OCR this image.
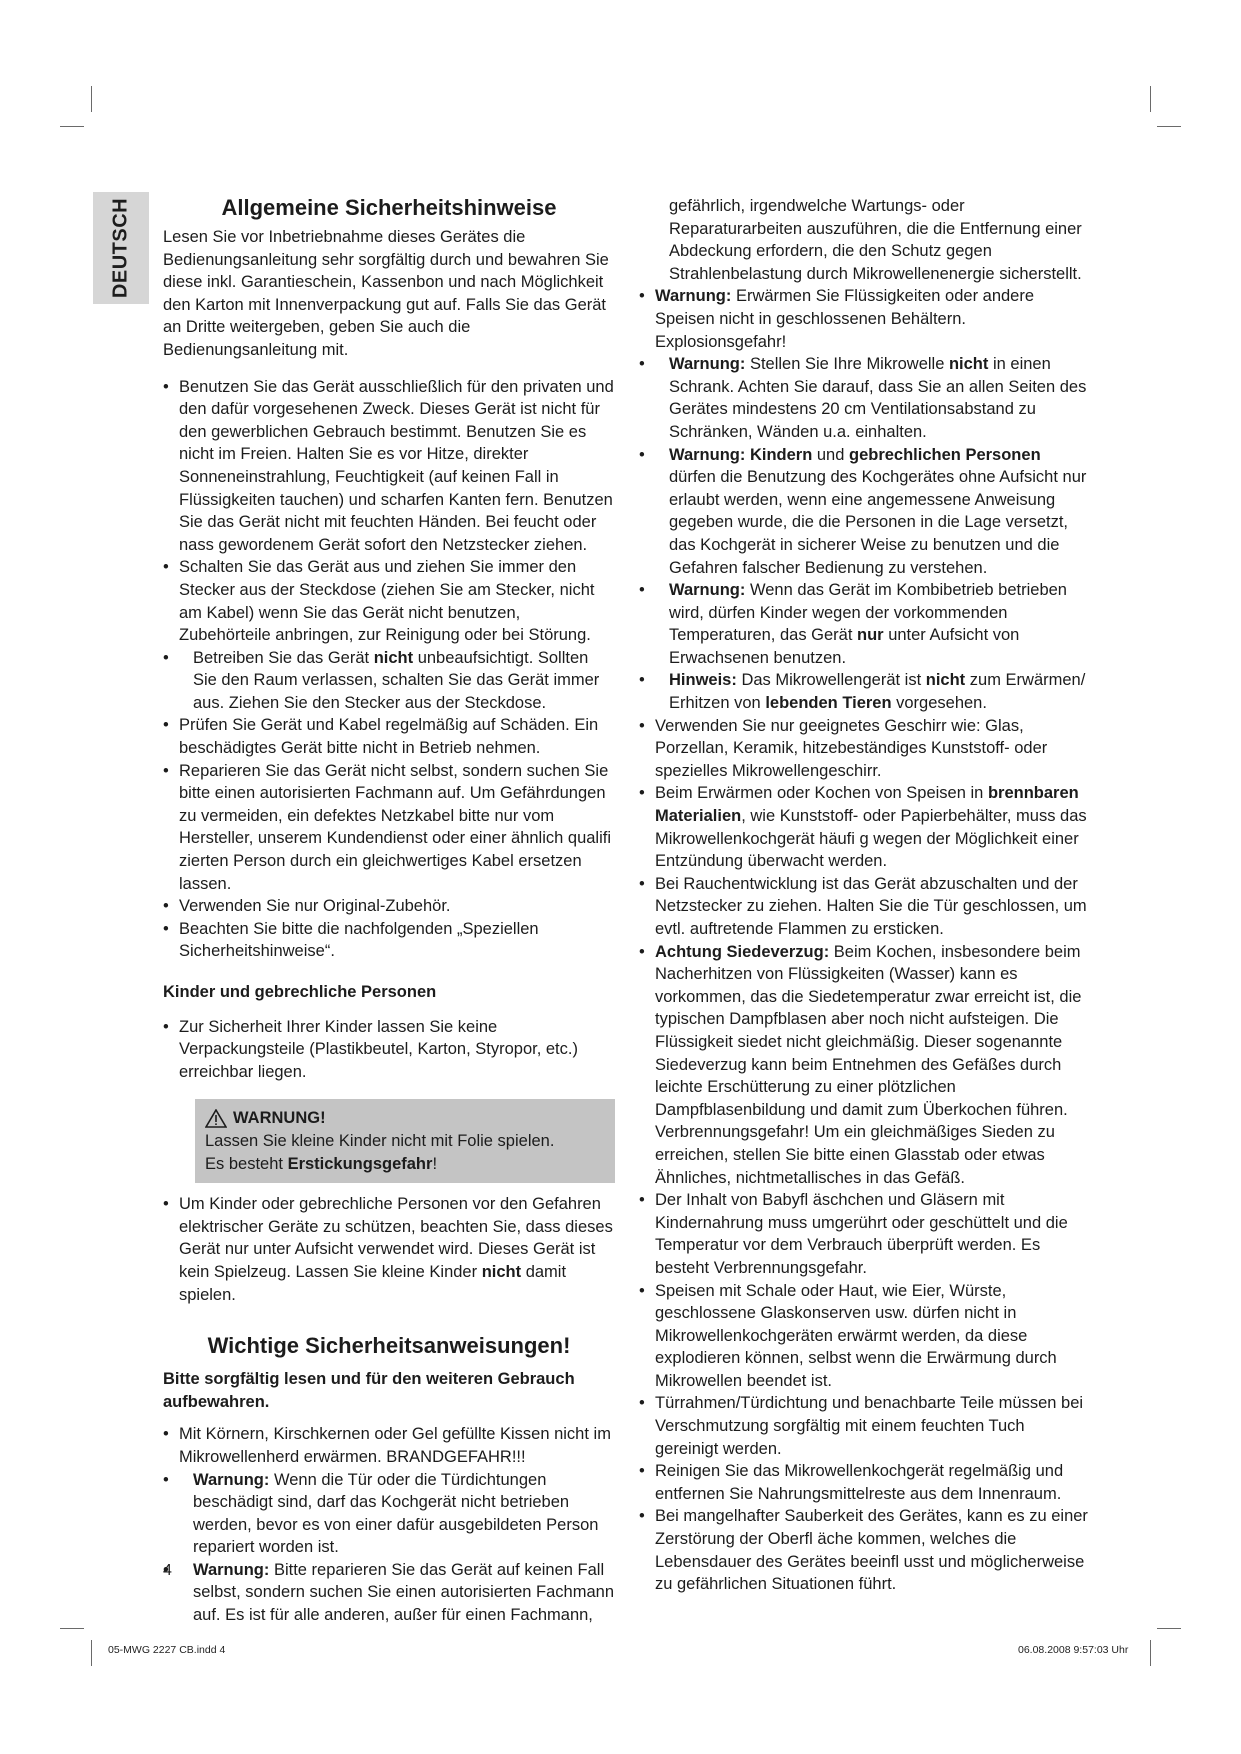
DEUTSCH	Allgemeine Sicherheitshinweise

Lesen Sie vor Inbetriebnahme dieses Gerätes die Bedienungsanleitung sehr sorgfältig durch und bewahren Sie diese inkl. Garantieschein, Kassenbon und nach Möglichkeit den Karton mit Innenverpackung gut auf. Falls Sie das Gerät an Dritte weitergeben, geben Sie auch die Bedienungsanleitung mit.

• Benutzen Sie das Gerät ausschließlich für den privaten und den dafür vorgesehenen Zweck. Dieses Gerät ist nicht für den gewerblichen Gebrauch bestimmt. Benutzen Sie es nicht im Freien. Halten Sie es vor Hitze, direkter Sonneneinstrahlung, Feuchtigkeit (auf keinen Fall in Flüssigkeiten tauchen) und scharfen Kanten fern. Benutzen Sie das Gerät nicht mit feuchten Händen. Bei feucht oder nass gewordenem Gerät sofort den Netzstecker ziehen.
• Schalten Sie das Gerät aus und ziehen Sie immer den Stecker aus der Steckdose (ziehen Sie am Stecker, nicht am Kabel) wenn Sie das Gerät nicht benutzen, Zubehörteile anbringen, zur Reinigung oder bei Störung.
• Betreiben Sie das Gerät nicht unbeaufsichtigt. Sollten Sie den Raum verlassen, schalten Sie das Gerät immer aus. Ziehen Sie den Stecker aus der Steckdose.
• Prüfen Sie Gerät und Kabel regelmäßig auf Schäden. Ein beschädigtes Gerät bitte nicht in Betrieb nehmen.
• Reparieren Sie das Gerät nicht selbst, sondern suchen Sie bitte einen autorisierten Fachmann auf. Um Gefährdungen zu vermeiden, ein defektes Netzkabel bitte nur vom Hersteller, unserem Kundendienst oder einer ähnlich qualifi zierten Person durch ein gleichwertiges Kabel ersetzen lassen.
• Verwenden Sie nur Original-Zubehör.
• Beachten Sie bitte die nachfolgenden „Speziellen Sicherheitshinweise“.
Kinder und gebrechliche Personen
• Zur Sicherheit Ihrer Kinder lassen Sie keine Verpackungsteile (Plastikbeutel, Karton, Styropor, etc.) erreichbar liegen.
WARNUNG!
Lassen Sie kleine Kinder nicht mit Folie spielen.
Es besteht Erstickungsgefahr!
• Um Kinder oder gebrechliche Personen vor den Gefahren elektrischer Geräte zu schützen, beachten Sie, dass dieses Gerät nur unter Aufsicht verwendet wird. Dieses Gerät ist kein Spielzeug. Lassen Sie kleine Kinder nicht damit spielen.
Wichtige Sicherheitsanweisungen!
Bitte sorgfältig lesen und für den weiteren Gebrauch aufbewahren.
• Mit Körnern, Kirschkernen oder Gel gefüllte Kissen nicht im Mikrowellenherd erwärmen. BRANDGEFAHR!!!
• Warnung: Wenn die Tür oder die Türdichtungen beschädigt sind, darf das Kochgerät nicht betrieben werden, bevor es von einer dafür ausgebildeten Person repariert worden ist.
• Warnung: Bitte reparieren Sie das Gerät auf keinen Fall selbst, sondern suchen Sie einen autorisierten Fachmann auf. Es ist für alle anderen, außer für einen Fachmann,

gefährlich, irgendwelche Wartungs- oder Reparaturarbeiten auszuführen, die die Entfernung einer Abdeckung erfordern, die den Schutz gegen Strahlenbelastung durch Mikrowellenenergie sicherstellt.

• Warnung: Erwärmen Sie Flüssigkeiten oder andere Speisen nicht in geschlossenen Behältern. Explosionsgefahr!
• Warnung: Stellen Sie Ihre Mikrowelle nicht in einen Schrank. Achten Sie darauf, dass Sie an allen Seiten des Gerätes mindestens 20 cm Ventilationsabstand zu Schränken, Wänden u.a. einhalten.
• Warnung: Kindern und gebrechlichen Personen dürfen die Benutzung des Kochgerätes ohne Aufsicht nur erlaubt werden, wenn eine angemessene Anweisung gegeben wurde, die die Personen in die Lage versetzt, das Kochgerät in sicherer Weise zu benutzen und die Gefahren falscher Bedienung zu verstehen.
• Warnung: Wenn das Gerät im Kombibetrieb betrieben wird, dürfen Kinder wegen der vorkommenden Temperaturen, das Gerät nur unter Aufsicht von Erwachsenen benutzen.
• Hinweis: Das Mikrowellengerät ist nicht zum Erwärmen/ Erhitzen von lebenden Tieren vorgesehen.
• Verwenden Sie nur geeignetes Geschirr wie: Glas, Porzellan, Keramik, hitzebeständiges Kunststoff- oder spezielles Mikrowellengeschirr.
• Beim Erwärmen oder Kochen von Speisen in brennbaren Materialien, wie Kunststoff- oder Papierbehälter, muss das Mikrowellenkochgerät häufi g wegen der Möglichkeit einer Entzündung überwacht werden.
• Bei Rauchentwicklung ist das Gerät abzuschalten und der Netzstecker zu ziehen. Halten Sie die Tür geschlossen, um evtl. auftretende Flammen zu ersticken.
• Achtung Siedeverzug: Beim Kochen, insbesondere beim Nacherhitzen von Flüssigkeiten (Wasser) kann es vorkommen, das die Siedetemperatur zwar erreicht ist, die typischen Dampfblasen aber noch nicht aufsteigen. Die Flüssigkeit siedet nicht gleichmäßig. Dieser sogenannte Siedeverzug kann beim Entnehmen des Gefäßes durch leichte Erschütterung zu einer plötzlichen Dampfblasenbildung und damit zum Überkochen führen. Verbrennungsgefahr! Um ein gleichmäßiges Sieden zu erreichen, stellen Sie bitte einen Glasstab oder etwas Ähnliches, nichtmetallisches in das Gefäß.
• Der Inhalt von Babyfl äschchen und Gläsern mit Kindernahrung muss umgerührt oder geschüttelt und die Temperatur vor dem Verbrauch überprüft werden. Es besteht Verbrennungsgefahr.
• Speisen mit Schale oder Haut, wie Eier, Würste, geschlossene Glaskonserven usw. dürfen nicht in Mikrowellenkochgeräten erwärmt werden, da diese explodieren können, selbst wenn die Erwärmung durch Mikrowellen beendet ist.
• Türrahmen/Türdichtung und benachbarte Teile müssen bei Verschmutzung sorgfältig mit einem feuchten Tuch gereinigt werden.
• Reinigen Sie das Mikrowellenkochgerät regelmäßig und entfernen Sie Nahrungsmittelreste aus dem Innenraum.
• Bei mangelhafter Sauberkeit des Gerätes, kann es zu einer Zerstörung der Oberfl äche kommen, welches die Lebensdauer des Gerätes beeinfl usst und möglicherweise zu gefährlichen Situationen führt.
4
05-MWG 2227 CB.indd 4	06.08.2008 9:57:03 Uhr
